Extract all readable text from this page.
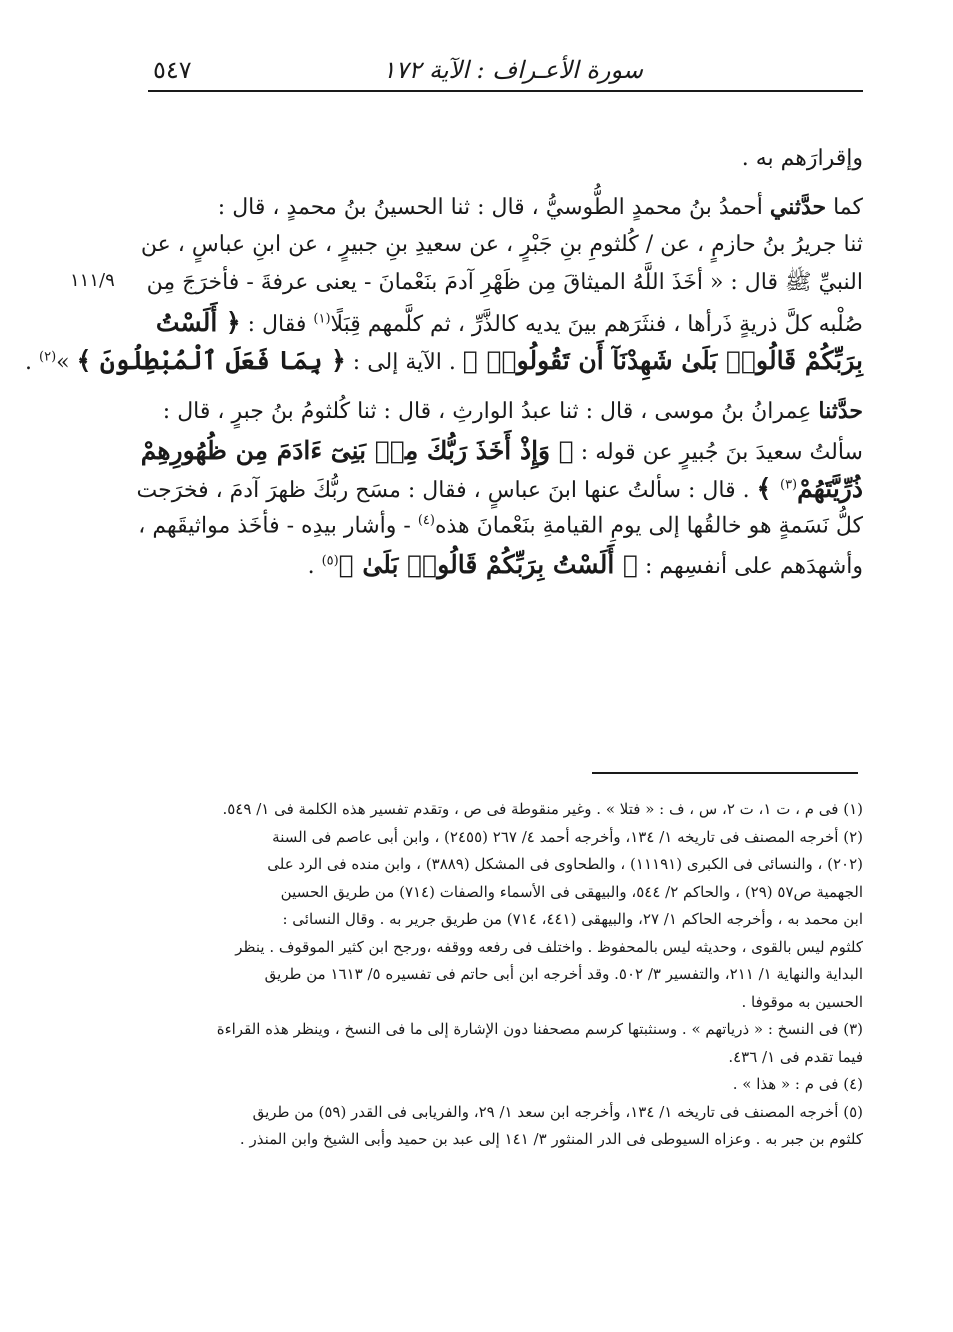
سورة الأعـراف : الآية ١٧٢
٥٤٧
١١١/٩
وإقرارَهم به .
كما حدَّثني أحمدُ بنُ محمدٍ الطُّوسيُّ ، قال : ثنا الحسينُ بنُ محمدٍ ، قال :
ثنا جريرُ بنُ حازمٍ ، عن / كُلثومِ بنِ جَبْرٍ ، عن سعيدِ بنِ جبيرٍ ، عن ابنِ عباسٍ ، عن
النبيِّ ﷺ قال : « أخَذَ اللَّهُ الميثاقَ مِن ظَهْرِ آدمَ بنَعْمانَ - يعنى عرفةَ - فأخرَجَ مِن
صُلْبه كلَّ ذريةٍ ذَرأها ، فنثَرَهم بينَ يديه كالذَّرِّ ، ثم كلَّمهم قِبَلًا$^{(١)}$ فقال : ﴿ أَلَسْتُ
بِرَبِّكُمْ قَالُوا۟ بَلَىٰ شَهِدْنَآ أَن تَقُولُوا۟ ﴾ . الآية إلى : ﴿ بِمَا فَعَلَ ٱلْمُبْطِلُونَ ﴾ »$^{(٢)}$ .
حدَّثنا عِمرانُ بنُ موسى ، قال : ثنا عبدُ الوارثِ ، قال : ثنا كُلثومُ بنُ جبرٍ ، قال :
سألتُ سعيدَ بنَ جُبيرٍ عن قوله : ﴿ وَإِذْ أَخَذَ رَبُّكَ مِنۢ بَنِىٓ ءَادَمَ مِن ظُهُورِهِمْ
ذُرِّيَّتَهُمْ$^{(٣)}$ ﴾ . قال : سألتُ عنها ابنَ عباسٍ ، فقال : مسَح ربُّكَ ظهرَ آدمَ ، فخرَجت
كلُّ نَسَمةٍ هو خالقُها إلى يومِ القيامةِ بنَعْمانَ هذه$^{(٤)}$ - وأشار بيدِه - فأخَذ مواثيقَهم ،
وأشهدَهم على أنفسِهم : ﴿ أَلَسْتُ بِرَبِّكُمْ قَالُوا۟ بَلَىٰ ﴾$^{(٥)}$ .
(١) فى م ، ت ١، ت ٢، س ، ف : « فتلا » . وغير منقوطة فى ص ، وتقدم تفسير هذه الكلمة فى ١/ ٥٤٩.
(٢) أخرجه المصنف فى تاريخه ١/ ١٣٤، وأخرجه أحمد ٤/ ٢٦٧ (٢٤٥٥) ، وابن أبى عاصم فى السنة
(٢٠٢) ، والنسائى فى الكبرى (١١١٩١) ، والطحاوى فى المشكل (٣٨٨٩) ، وابن منده فى الرد على
الجهمية ص٥٧ (٢٩) ، والحاكم ٢/ ٥٤٤، والبيهقى فى الأسماء والصفات (٧١٤) من طريق الحسين
ابن محمد به ، وأخرجه الحاكم ١/ ٢٧، والبيهقى (٤٤١، ٧١٤) من طريق جرير به . وقال النسائى :
كلثوم ليس بالقوى ، وحديثه ليس بالمحفوظ . واختلف فى رفعه ووقفه ،ورجح ابن كثير الموقوف . ينظر
البداية والنهاية ١/ ٢١١، والتفسير ٣/ ٥٠٢. وقد أخرجه ابن أبى حاتم فى تفسيره ٥/ ١٦١٣ من طريق
الحسين به موقوفا .
(٣) فى النسخ : « ذرياتهم » . وسنثبتها كرسم مصحفنا دون الإشارة إلى ما فى النسخ ، وينظر هذه القراءة
فيما تقدم فى ١/ ٤٣٦.
(٤) فى م : « هذا » .
(٥) أخرجه المصنف فى تاريخه ١/ ١٣٤، وأخرجه ابن سعد ١/ ٢٩، والفريابى فى القدر (٥٩) من طريق
كلثوم بن جبر به . وعزاه السيوطى فى الدر المنثور ٣/ ١٤١ إلى عبد بن حميد وأبى الشيخ وابن المنذر .
